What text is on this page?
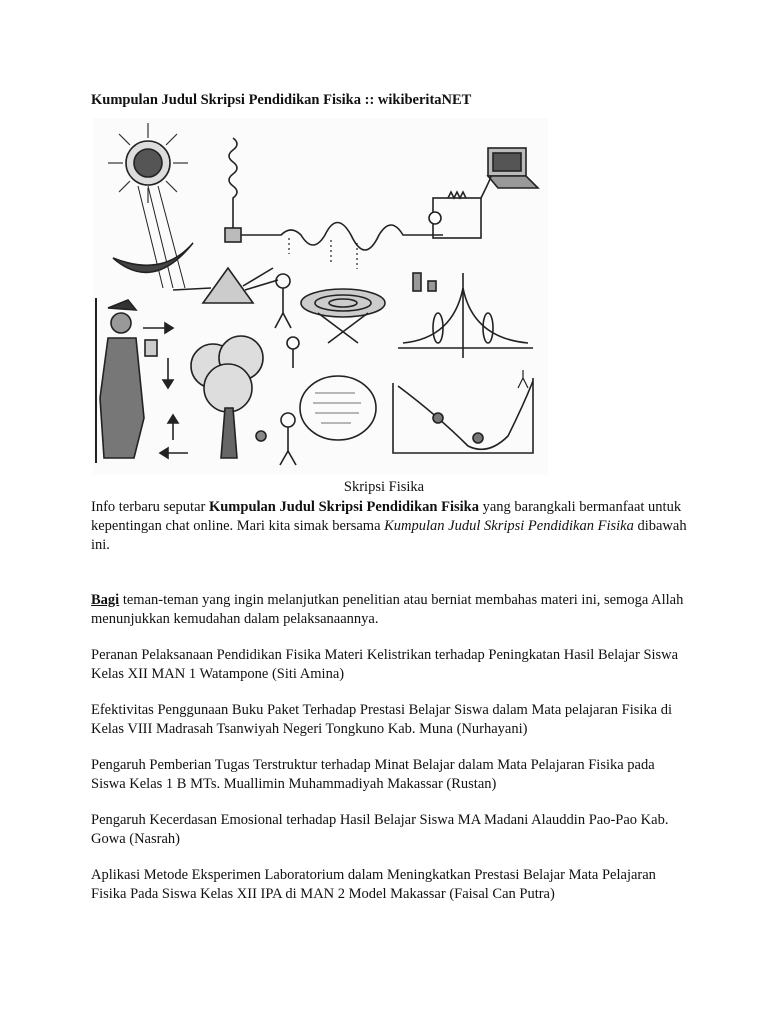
Kumpulan Judul Skripsi Pendidikan Fisika :: wikiberitaNET
Skripsi Fisika

Info terbaru seputar Kumpulan Judul Skripsi Pendidikan Fisika yang barangkali bermanfaat untuk kepentingan chat online. Mari kita simak bersama Kumpulan Judul Skripsi Pendidikan Fisika dibawah ini.

Bagi teman-teman yang ingin melanjutkan penelitian atau berniat membahas materi ini, semoga Allah menunjukkan kemudahan dalam pelaksanaannya.

Peranan Pelaksanaan Pendidikan Fisika Materi Kelistrikan terhadap Peningkatan Hasil Belajar Siswa Kelas XII MAN 1 Watampone (Siti Amina)

Efektivitas Penggunaan Buku Paket Terhadap Prestasi Belajar Siswa dalam Mata pelajaran Fisika di Kelas VIII Madrasah Tsanwiyah Negeri Tongkuno Kab. Muna (Nurhayani)

Pengaruh Pemberian Tugas Terstruktur terhadap Minat Belajar dalam Mata Pelajaran Fisika pada Siswa Kelas 1 B MTs. Muallimin Muhammadiyah Makassar (Rustan)

Pengaruh Kecerdasan Emosional terhadap Hasil Belajar Siswa MA Madani Alauddin Pao-Pao Kab. Gowa (Nasrah)

Aplikasi Metode Eksperimen Laboratorium dalam Meningkatkan Prestasi Belajar Mata Pelajaran Fisika Pada Siswa Kelas XII IPA di MAN 2 Model Makassar (Faisal Can Putra)
